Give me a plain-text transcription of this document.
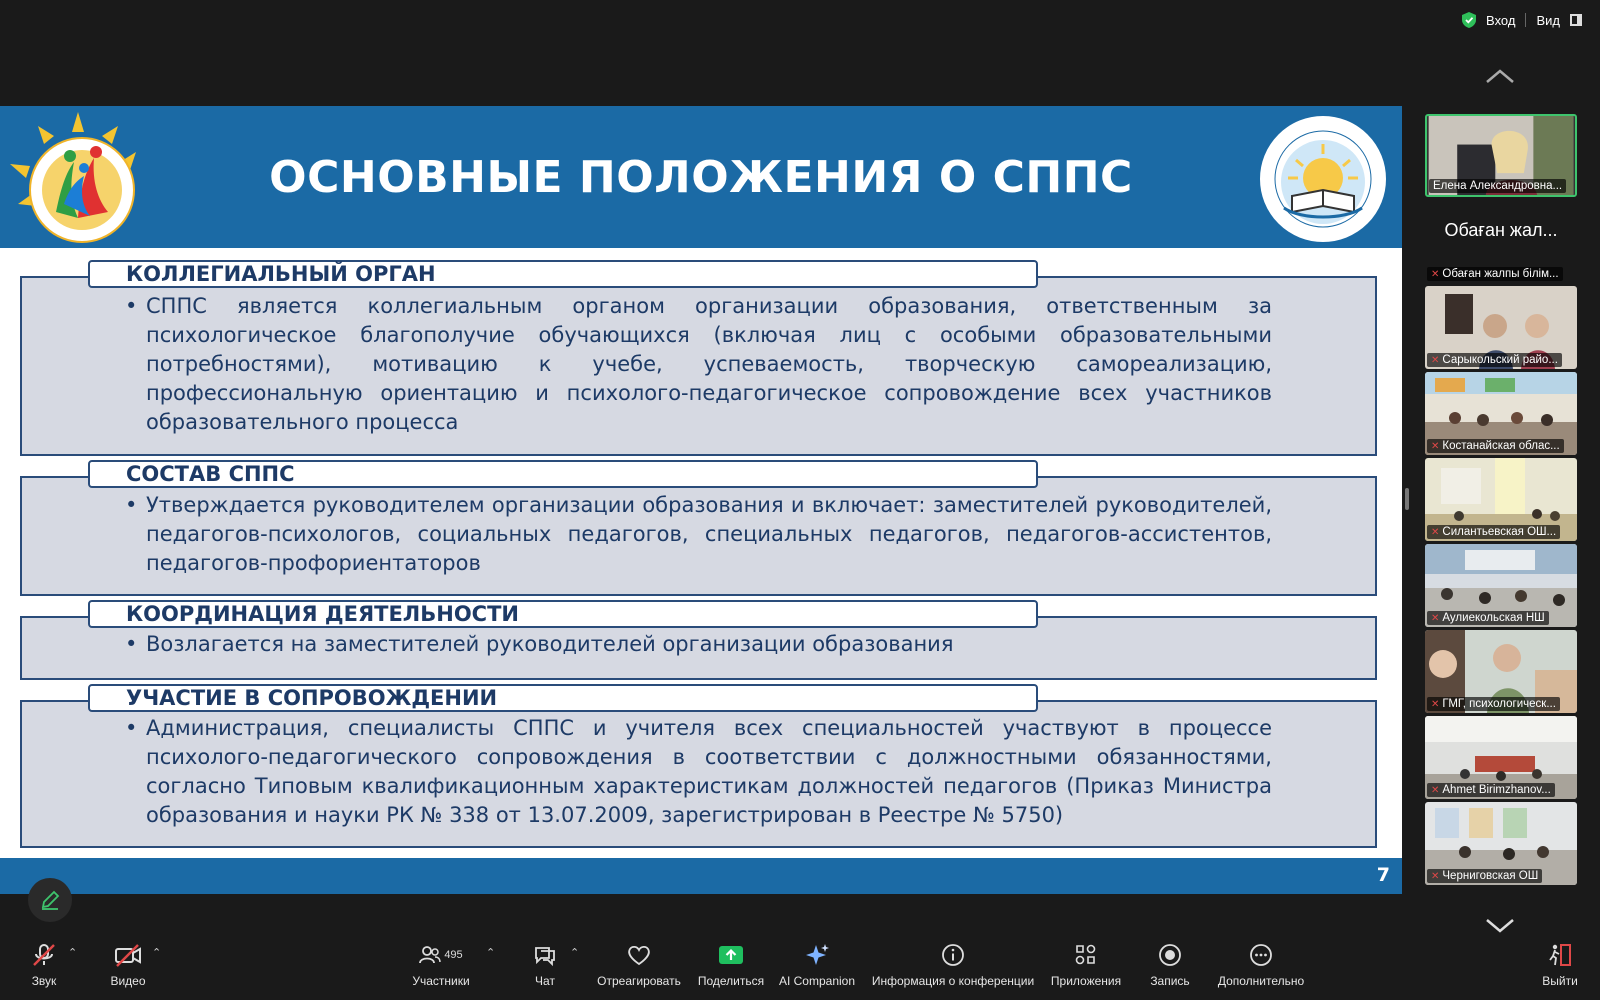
Вход Вид
ОСНОВНЫЕ ПОЛОЖЕНИЯ О СППС
КОЛЛЕГИАЛЬНЫЙ ОРГАН
• СППС является коллегиальным органом организации образования, ответственным за психологическое благополучие обучающихся (включая лиц с особыми образовательными потребностями), мотивацию к учебе, успеваемость, творческую самореализацию, профессиональную ориентацию и психолого-педагогическое сопровождение всех участников образовательного процесса
СОСТАВ СППС
• Утверждается руководителем организации образования и включает: заместителей руководителей, педагогов-психологов, социальных педагогов, специальных педагогов, педагогов-ассистентов, педагогов-профориентаторов
КООРДИНАЦИЯ ДЕЯТЕЛЬНОСТИ
• Возлагается на заместителей руководителей организации образования
УЧАСТИЕ В СОПРОВОЖДЕНИИ
• Администрация, специалисты СППС и учителя всех специальностей участвуют в процессе психолого-педагогического сопровождения в соответствии с должностными обязанностями, согласно Типовым квалификационным характеристикам должностей педагогов (Приказ Министра образования и науки РК № 338 от 13.07.2009, зарегистрирован в Реестре № 5750)
7
Елена Александровна...
Обаған жал...
✕ Обаған жалпы білім...
✕ Сарыкольский райо...
✕ Костанайская облас...
✕ Силантьевская ОШ...
✕ Аулиекольская НШ
✕ ГМГ, психологическ...
✕ Ahmet Birimzhanov...
✕ Черниговская ОШ
Звук
⌃
Видео
⌃	495
Участники
⌃
Чат
⌃
Отреагировать Поделиться AI Companion Информация о конференции Приложения Запись Дополнительно	Выйти
